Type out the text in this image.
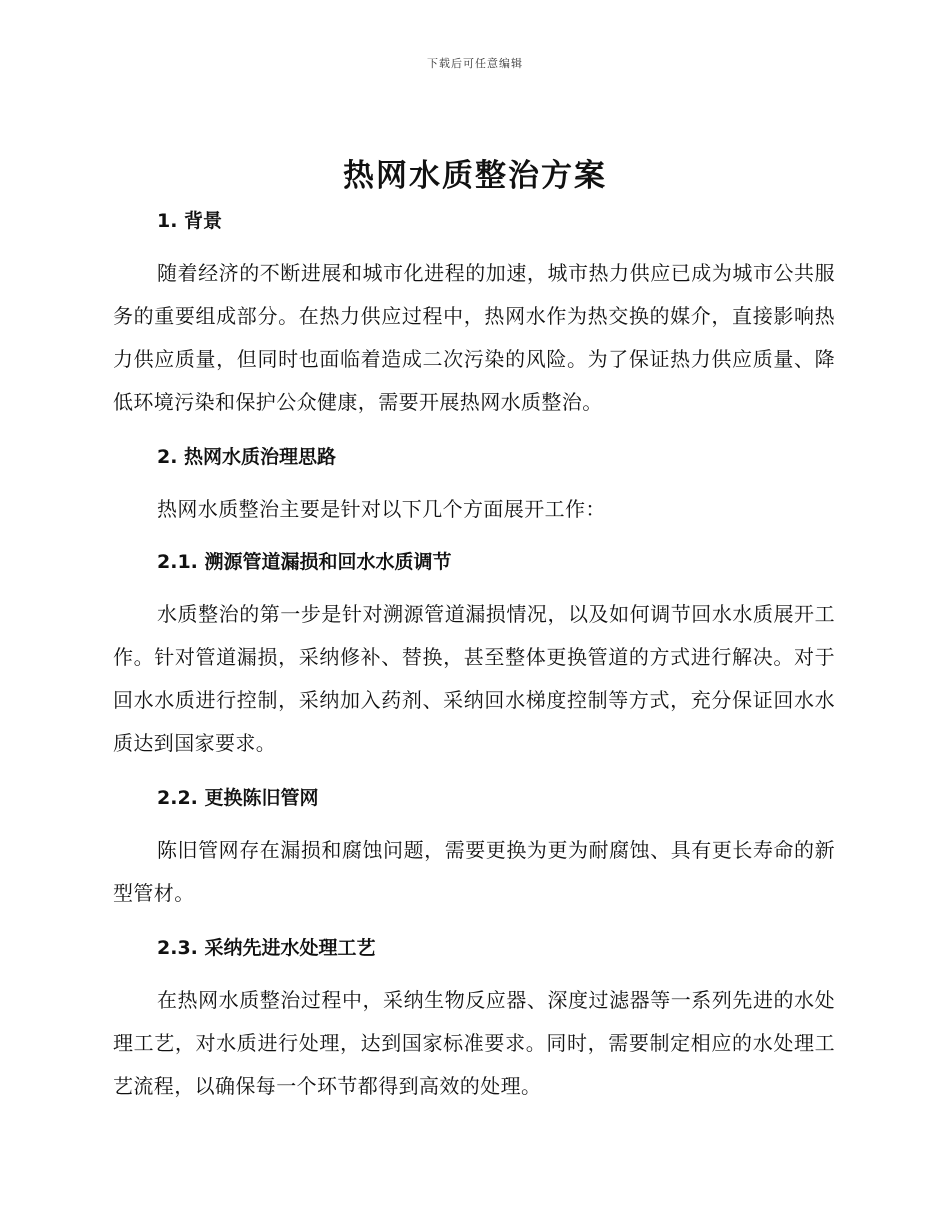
下载后可任意编辑
热网水质整治方案

1. 背景

随着经济的不断进展和城市化进程的加速，城市热力供应已成为城市公共服务的重要组成部分。在热力供应过程中，热网水作为热交换的媒介，直接影响热力供应质量，但同时也面临着造成二次污染的风险。为了保证热力供应质量、降低环境污染和保护公众健康，需要开展热网水质整治。

2. 热网水质治理思路

热网水质整治主要是针对以下几个方面展开工作：

2.1. 溯源管道漏损和回水水质调节

水质整治的第一步是针对溯源管道漏损情况，以及如何调节回水水质展开工作。针对管道漏损，采纳修补、替换，甚至整体更换管道的方式进行解决。对于回水水质进行控制，采纳加入药剂、采纳回水梯度控制等方式，充分保证回水水质达到国家要求。

2.2. 更换陈旧管网

陈旧管网存在漏损和腐蚀问题，需要更换为更为耐腐蚀、具有更长寿命的新型管材。

2.3. 采纳先进水处理工艺

在热网水质整治过程中，采纳生物反应器、深度过滤器等一系列先进的水处理工艺，对水质进行处理，达到国家标准要求。同时，需要制定相应的水处理工艺流程，以确保每一个环节都得到高效的处理。
